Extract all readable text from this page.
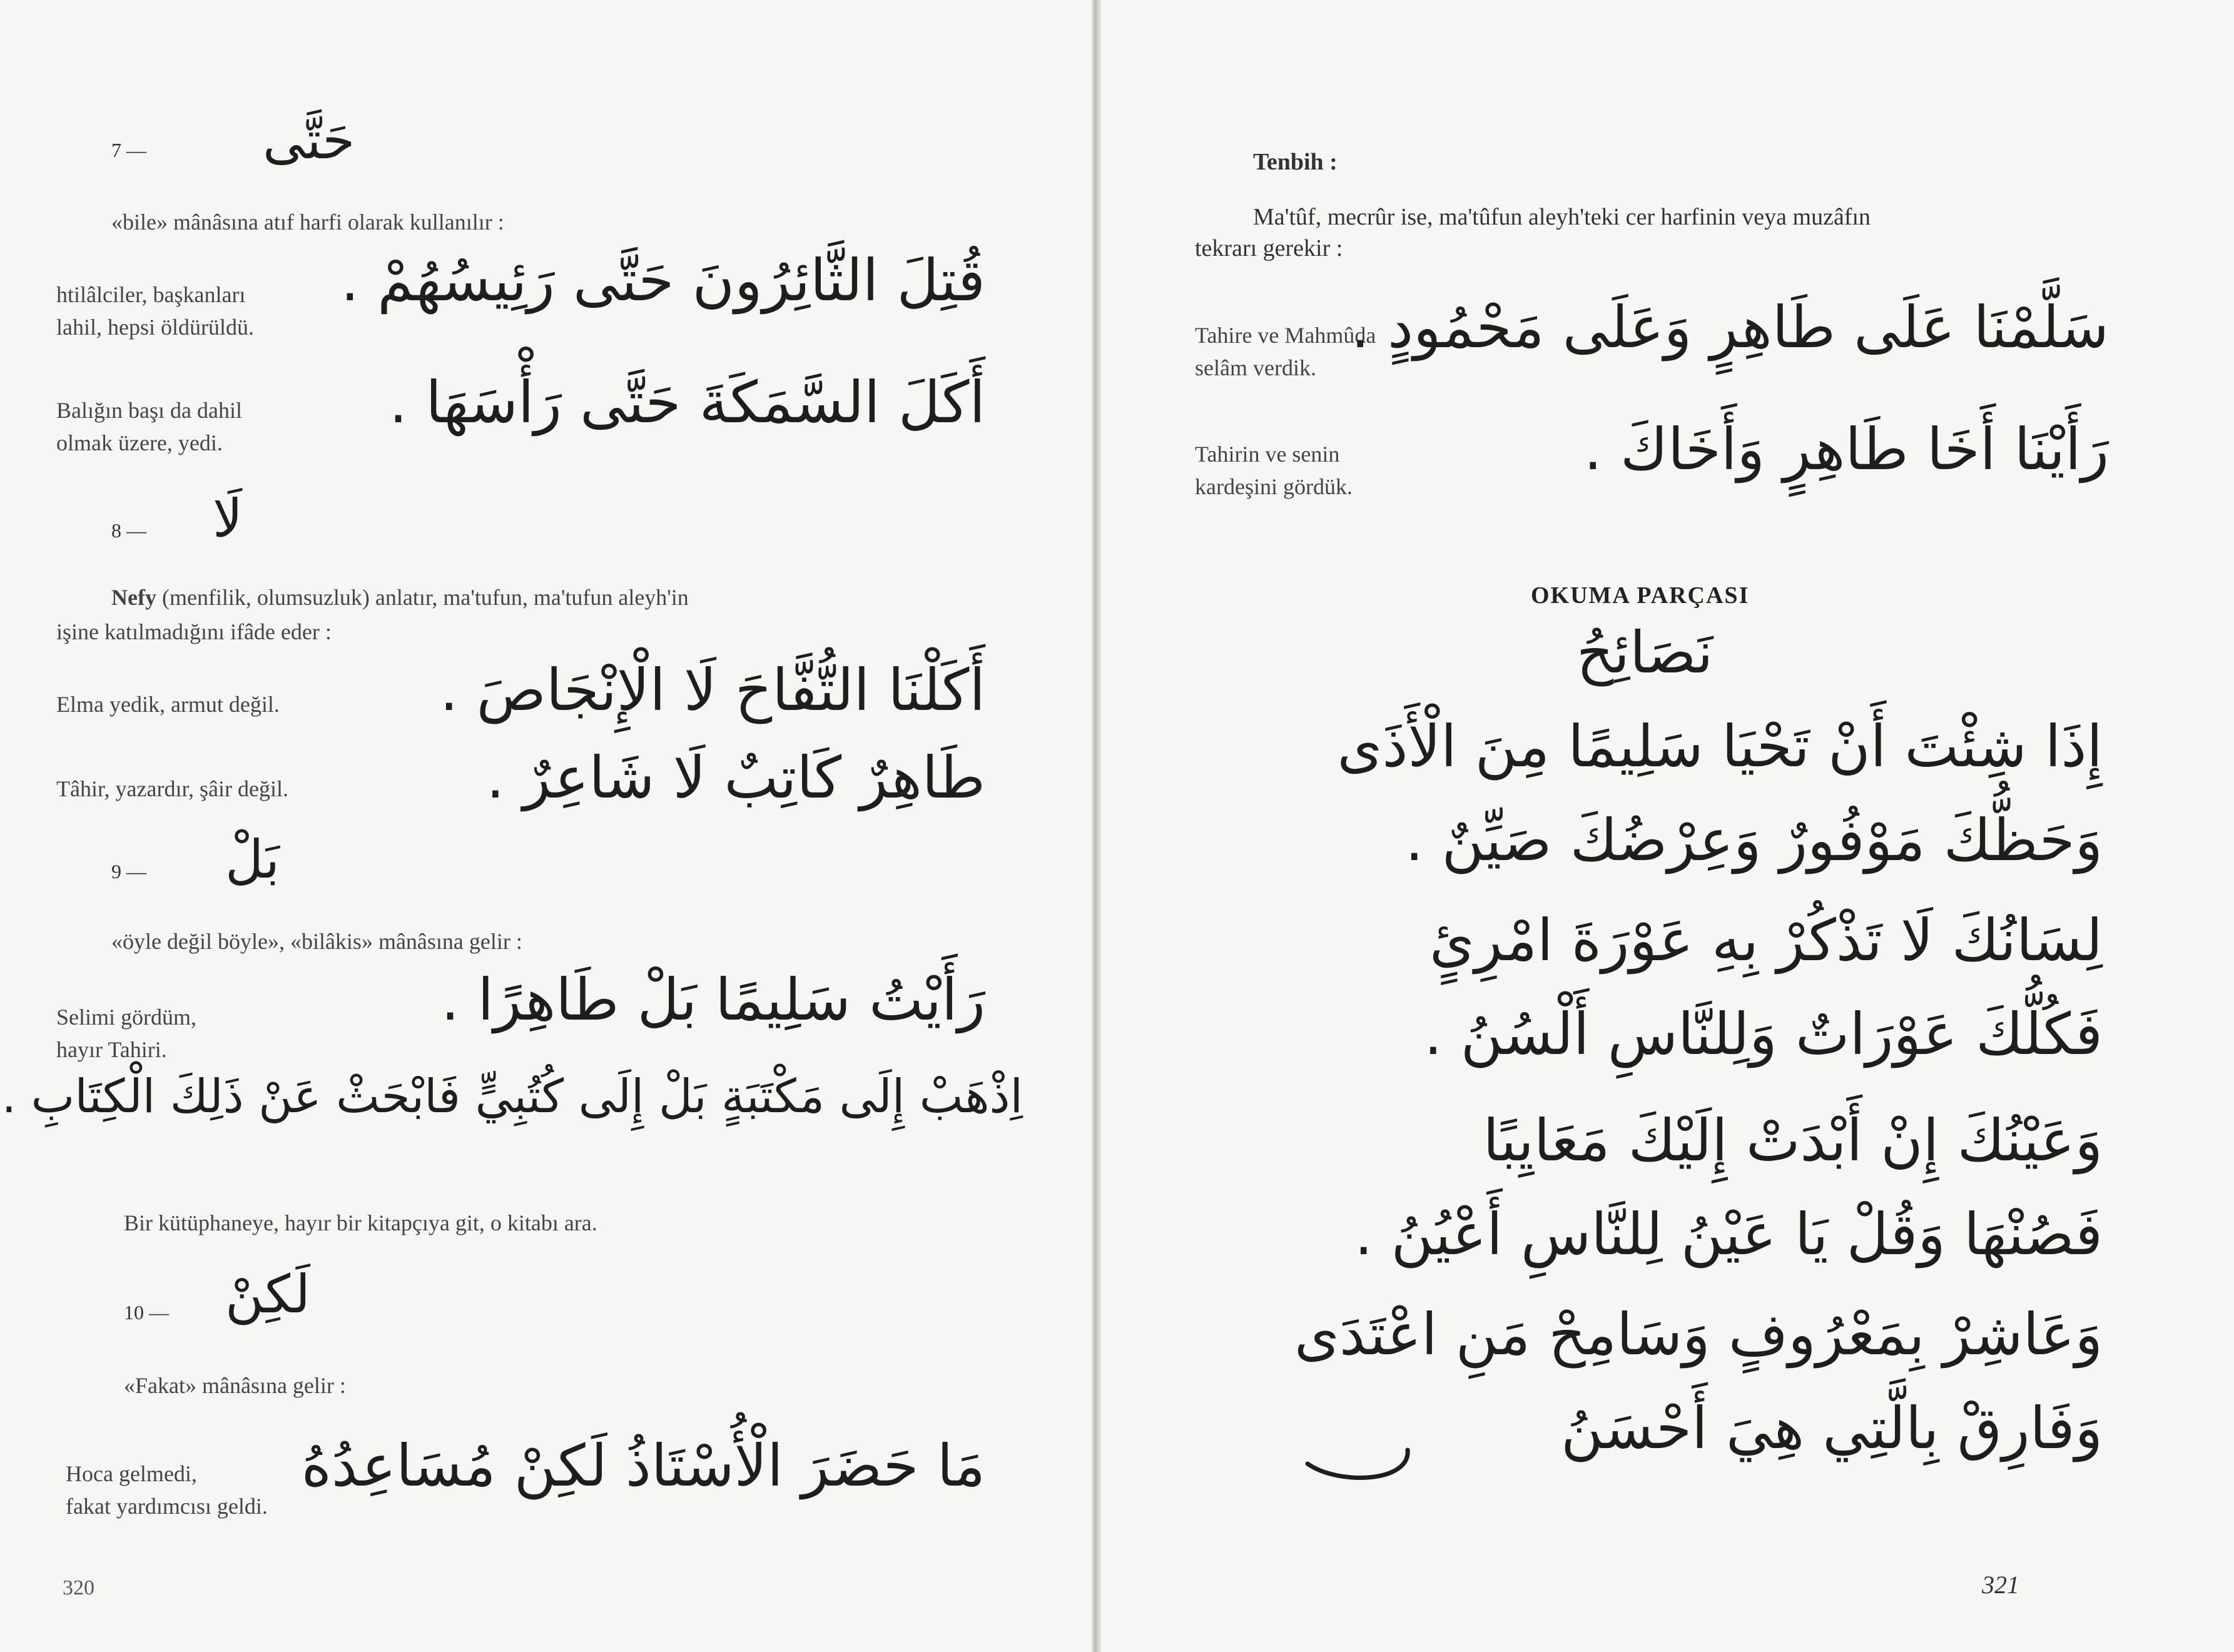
7 — حَتَّى
«bile» mânâsına atıf harfi olarak kullanılır :
htilâlciler, başkanları
lahil, hepsi öldürüldü.
قُتِلَ الثَّائِرُونَ حَتَّى رَئِيسُهُمْ .
Balığın başı da dahil
olmak üzere, yedi.
أَكَلَ السَّمَكَةَ حَتَّى رَأْسَهَا .
8 — لَا
Nefy (menfilik, olumsuzluk) anlatır, ma'tufun, ma'tufun aleyh'in
işine katılmadığını ifâde eder :
Elma yedik, armut değil.	أَكَلْنَا التُّفَّاحَ لَا الْإِنْجَاصَ .
Tâhir, yazardır, şâir değil.	طَاهِرٌ كَاتِبٌ لَا شَاعِرٌ .
9 — بَلْ
«öyle değil böyle», «bilâkis» mânâsına gelir :
Selimi gördüm,
hayır Tahiri.
رَأَيْتُ سَلِيمًا بَلْ طَاهِرًا .
اِذْهَبْ إِلَى مَكْتَبَةٍ بَلْ إِلَى كُتُبِيٍّ فَابْحَثْ عَنْ ذَلِكَ الْكِتَابِ .
Bir kütüphaneye, hayır bir kitapçıya git, o kitabı ara.
10 — لَكِنْ
«Fakat» mânâsına gelir :
Hoca gelmedi,
fakat yardımcısı geldi.
مَا حَضَرَ الْأُسْتَاذُ لَكِنْ مُسَاعِدُهُ
320
Tenbih :
Ma'tûf, mecrûr ise, ma'tûfun aleyh'teki cer harfinin veya muzâfın
tekrarı gerekir :
Tahire ve Mahmûda
selâm verdik.
سَلَّمْنَا عَلَى طَاهِرٍ وَعَلَى مَحْمُودٍ .
Tahirin ve senin
kardeşini gördük.
رَأَيْنَا أَخَا طَاهِرٍ وَأَخَاكَ .
OKUMA PARÇASI
نَصَائِحُ
إِذَا شِئْتَ أَنْ تَحْيَا سَلِيمًا مِنَ الْأَذَى
وَحَظُّكَ مَوْفُورٌ وَعِرْضُكَ صَيِّنٌ .
لِسَانُكَ لَا تَذْكُرْ بِهِ عَوْرَةَ امْرِئٍ
فَكُلُّكَ عَوْرَاتٌ وَلِلنَّاسِ أَلْسُنُ .
وَعَيْنُكَ إِنْ أَبْدَتْ إِلَيْكَ مَعَايِبًا
فَصُنْهَا وَقُلْ يَا عَيْنُ لِلنَّاسِ أَعْيُنُ .
وَعَاشِرْ بِمَعْرُوفٍ وَسَامِحْ مَنِ اعْتَدَى
وَفَارِقْ بِالَّتِي هِيَ أَحْسَنُ
321
